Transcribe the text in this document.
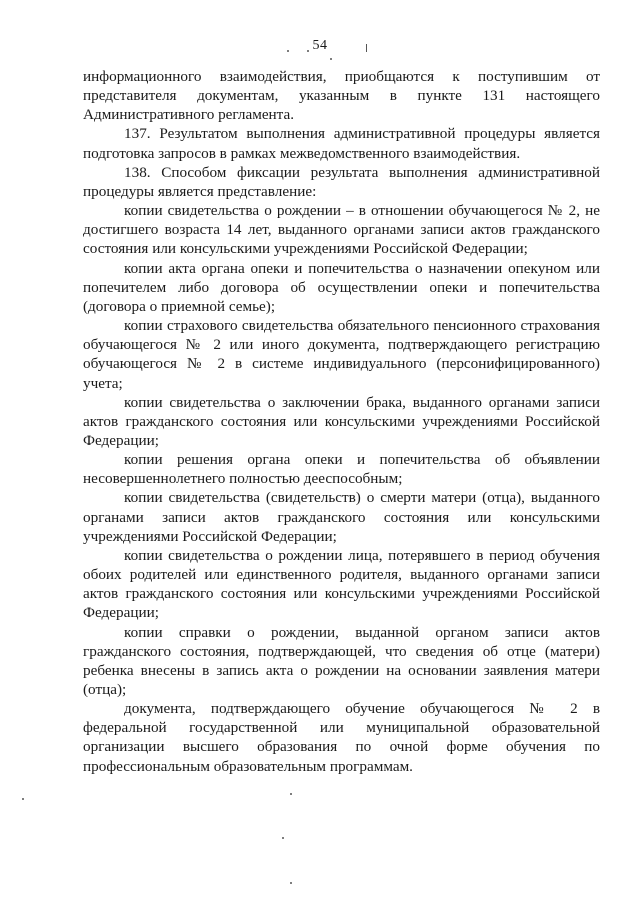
54

информационного взаимодействия, приобщаются к поступившим от представителя документам, указанным в пункте 131 настоящего Административного регламента.

137. Результатом выполнения административной процедуры является подготовка запросов в рамках межведомственного взаимодействия.

138. Способом фиксации результата выполнения административной процедуры является представление:

копии свидетельства о рождении – в отношении обучающегося № 2, не достигшего возраста 14 лет, выданного органами записи актов гражданского состояния или консульскими учреждениями Российской Федерации;

копии акта органа опеки и попечительства о назначении опекуном или попечителем либо договора об осуществлении опеки и попечительства (договора о приемной семье);

копии страхового свидетельства обязательного пенсионного страхования обучающегося № 2 или иного документа, подтверждающего регистрацию обучающегося № 2 в системе индивидуального (персонифицированного) учета;

копии свидетельства о заключении брака, выданного органами записи актов гражданского состояния или консульскими учреждениями Российской Федерации;

копии решения органа опеки и попечительства об объявлении несовершеннолетнего полностью дееспособным;

копии свидетельства (свидетельств) о смерти матери (отца), выданного органами записи актов гражданского состояния или консульскими учреждениями Российской Федерации;

копии свидетельства о рождении лица, потерявшего в период обучения обоих родителей или единственного родителя, выданного органами записи актов гражданского состояния или консульскими учреждениями Российской Федерации;

копии справки о рождении, выданной органом записи актов гражданского состояния, подтверждающей, что сведения об отце (матери) ребенка внесены в запись акта о рождении на основании заявления матери (отца);

документа, подтверждающего обучение обучающегося № 2 в федеральной государственной или муниципальной образовательной организации высшего образования по очной форме обучения по профессиональным образовательным программам.
